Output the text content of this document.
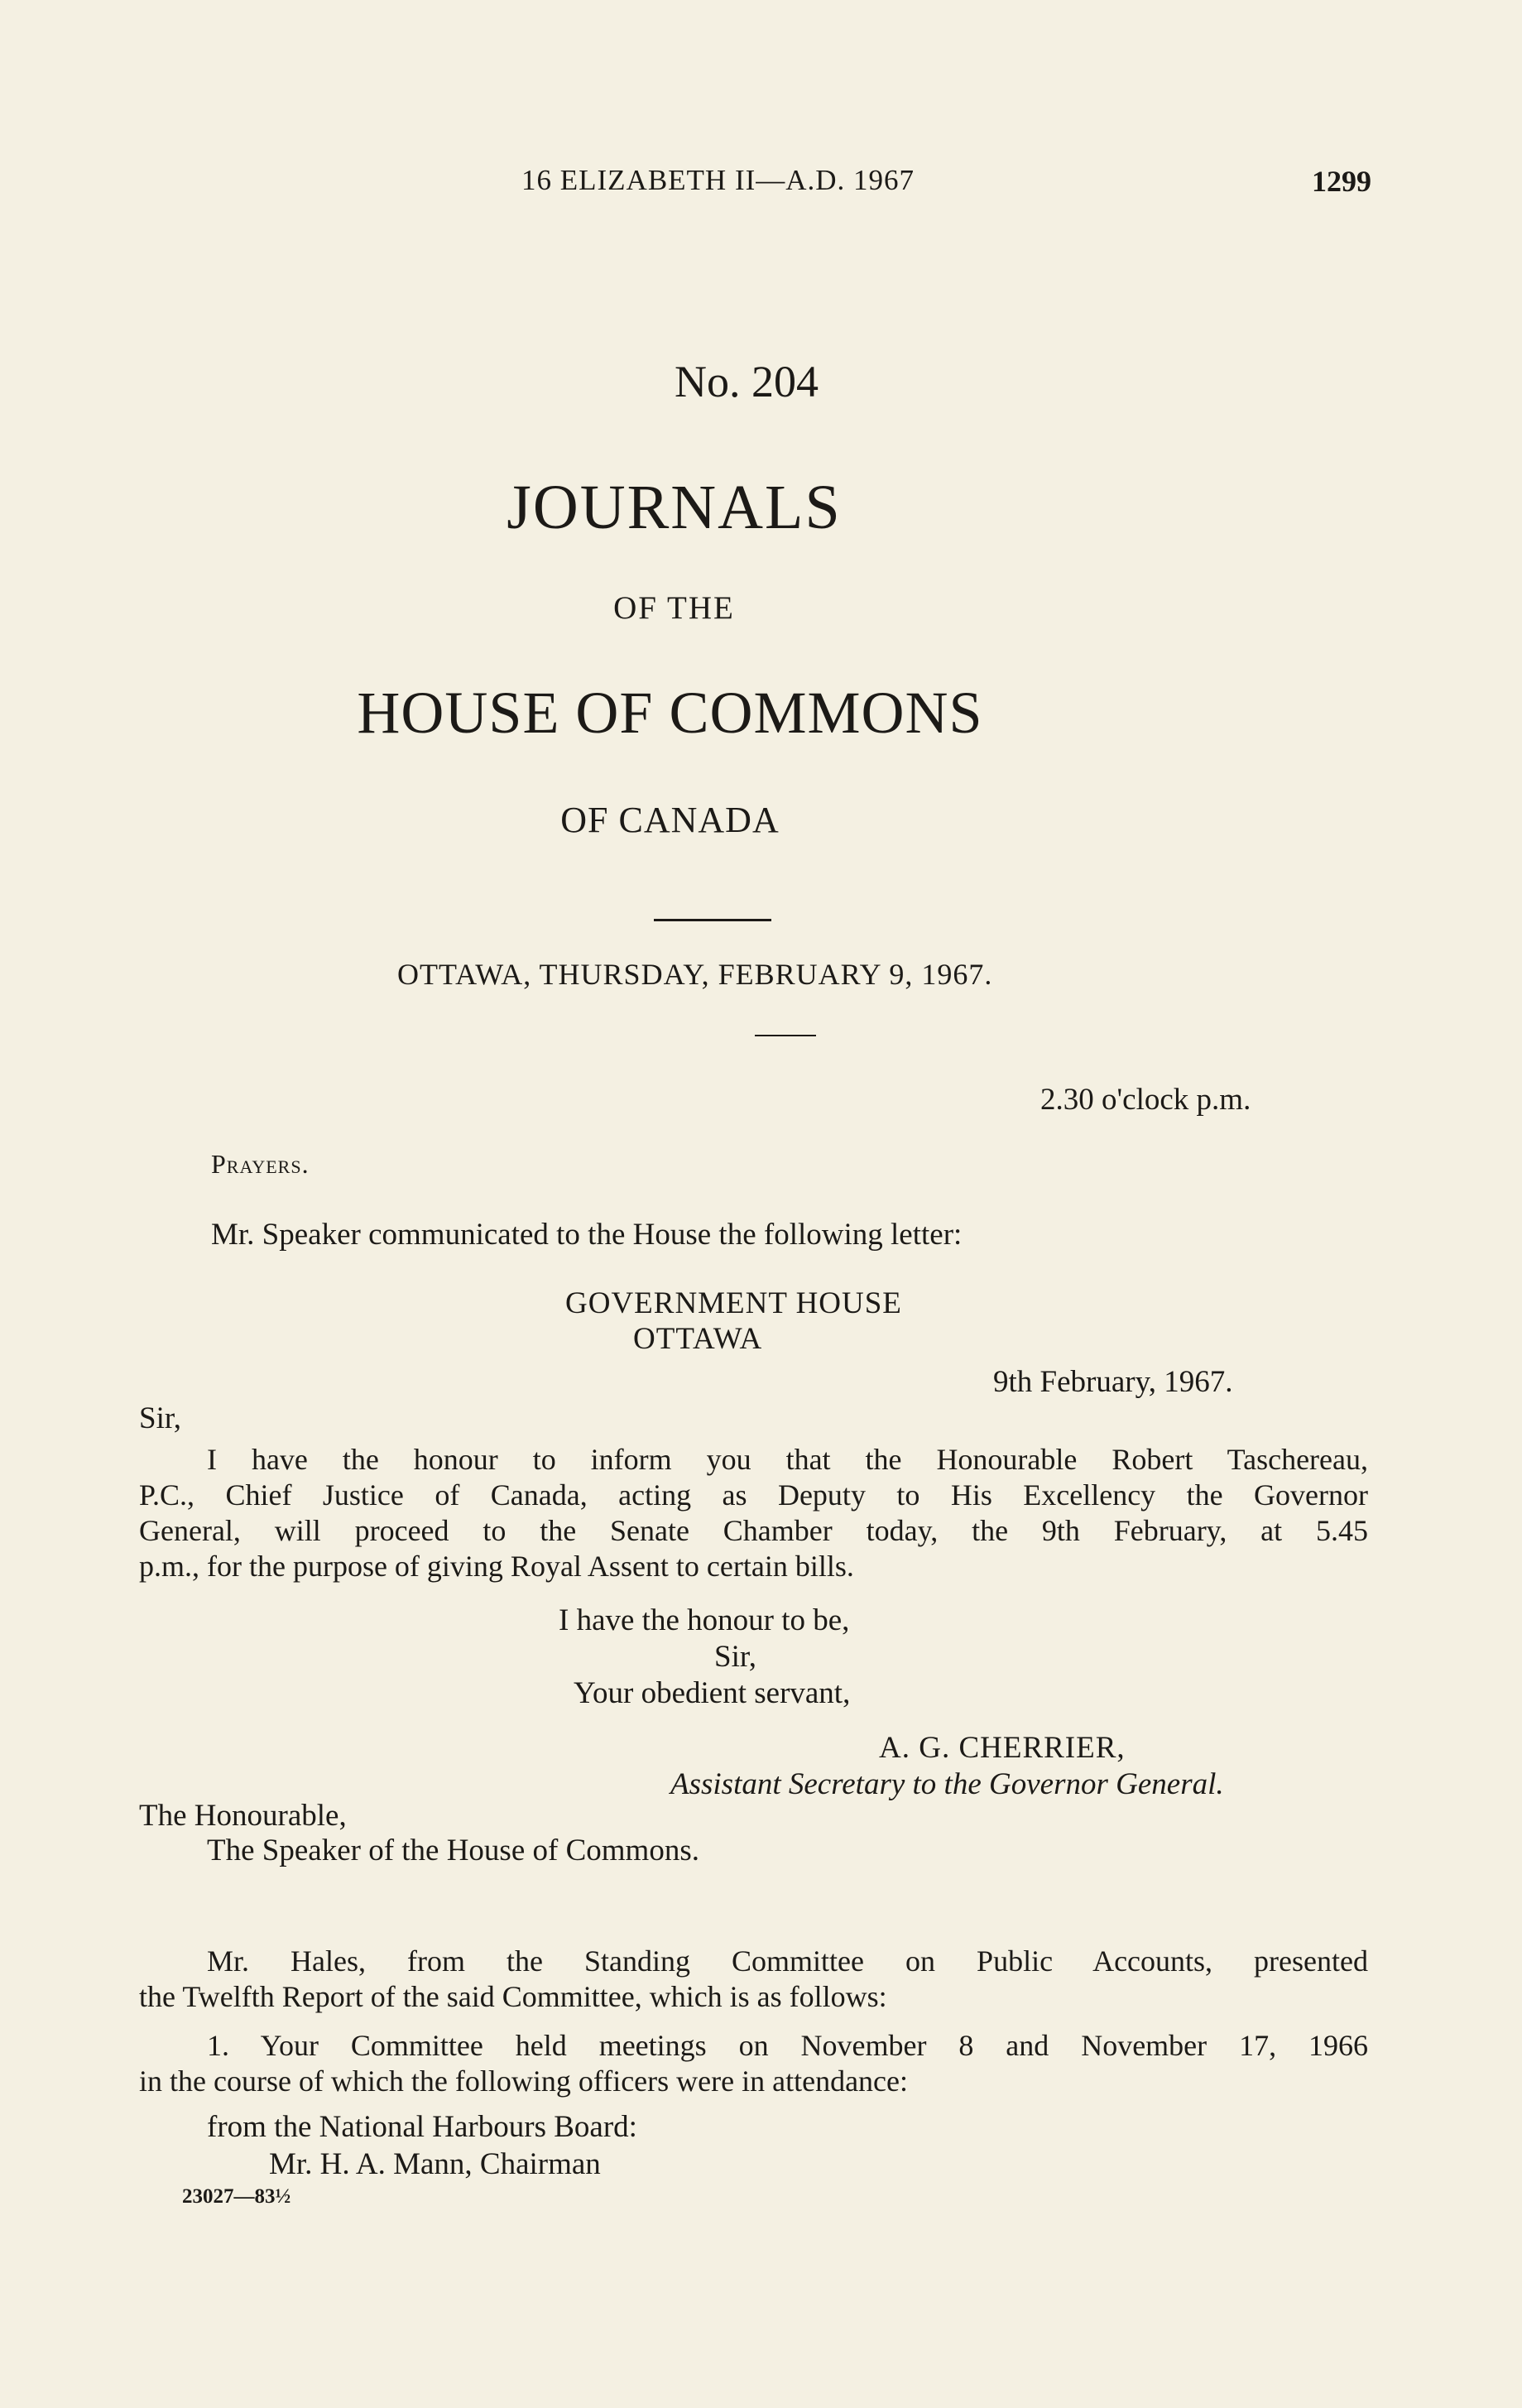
16 ELIZABETH II—A.D. 1967	1299
No. 204
JOURNALS
OF THE
HOUSE OF COMMONS
OF CANADA
OTTAWA, THURSDAY, FEBRUARY 9, 1967.
2.30 o'clock p.m.
Prayers.
Mr. Speaker communicated to the House the following letter:
GOVERNMENT HOUSE
OTTAWA
9th February, 1967.
Sir,
I have the honour to inform you that the Honourable Robert Taschereau,
P.C., Chief Justice of Canada, acting as Deputy to His Excellency the Governor
General, will proceed to the Senate Chamber today, the 9th February, at 5.45
p.m., for the purpose of giving Royal Assent to certain bills.
I have the honour to be,
Sir,
Your obedient servant,
A. G. CHERRIER,
Assistant Secretary to the Governor General.
The Honourable,
The Speaker of the House of Commons.
Mr. Hales, from the Standing Committee on Public Accounts, presented
the Twelfth Report of the said Committee, which is as follows:
1. Your Committee held meetings on November 8 and November 17, 1966
in the course of which the following officers were in attendance:
from the National Harbours Board:
Mr. H. A. Mann, Chairman
23027—83½
